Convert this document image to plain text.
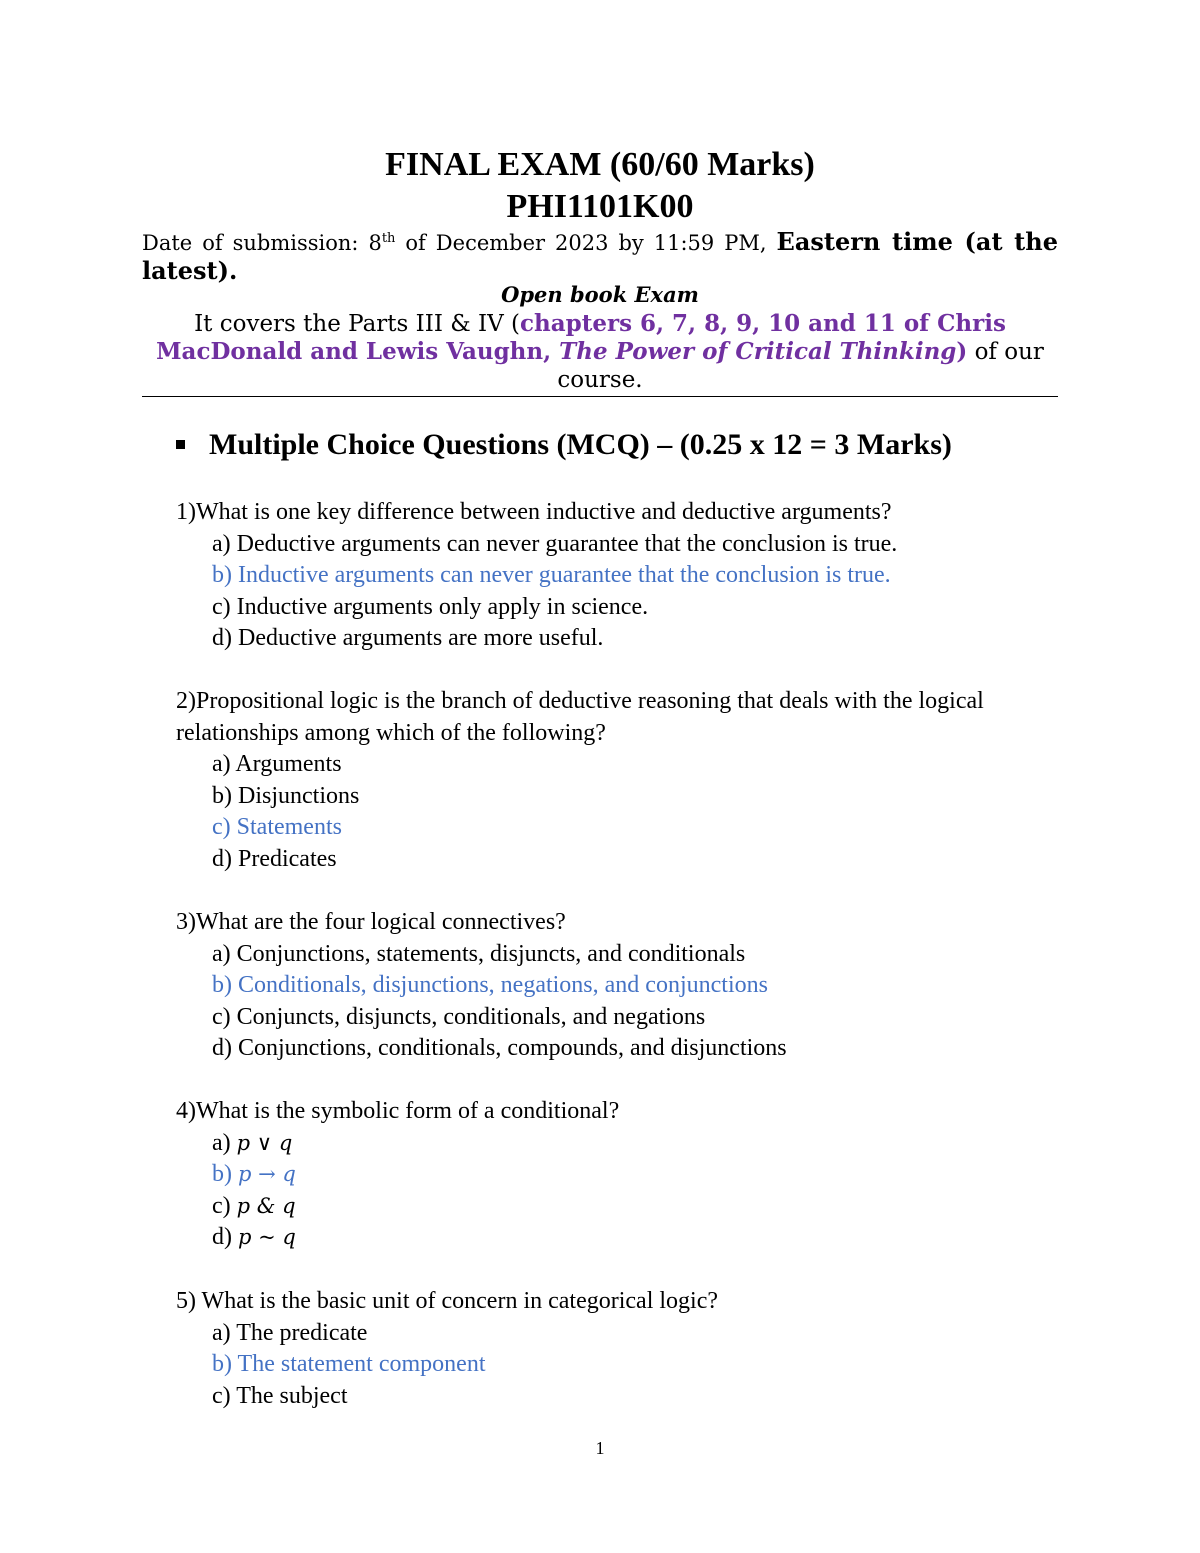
FINAL EXAM (60/60 Marks)
PHI1101K00
Date of submission: 8th of December 2023 by 11:59 PM, Eastern time (at the latest).
Open book Exam
It covers the Parts III & IV (chapters 6, 7, 8, 9, 10 and 11 of Chris MacDonald and Lewis Vaughn, The Power of Critical Thinking) of our course.
Multiple Choice Questions (MCQ) – (0.25 x 12 = 3 Marks)
1)What is one key difference between inductive and deductive arguments?
a) Deductive arguments can never guarantee that the conclusion is true.
b) Inductive arguments can never guarantee that the conclusion is true.
c) Inductive arguments only apply in science.
d) Deductive arguments are more useful.
2)Propositional logic is the branch of deductive reasoning that deals with the logical relationships among which of the following?
a) Arguments
b) Disjunctions
c) Statements
d) Predicates
3)What are the four logical connectives?
a) Conjunctions, statements, disjuncts, and conditionals
b) Conditionals, disjunctions, negations, and conjunctions
c) Conjuncts, disjuncts, conditionals, and negations
d) Conjunctions, conditionals, compounds, and disjunctions
4)What is the symbolic form of a conditional?
a) p ∨ q
b) p → q
c) p & q
d) p ~ q
5) What is the basic unit of concern in categorical logic?
a) The predicate
b) The statement component
c) The subject
1
